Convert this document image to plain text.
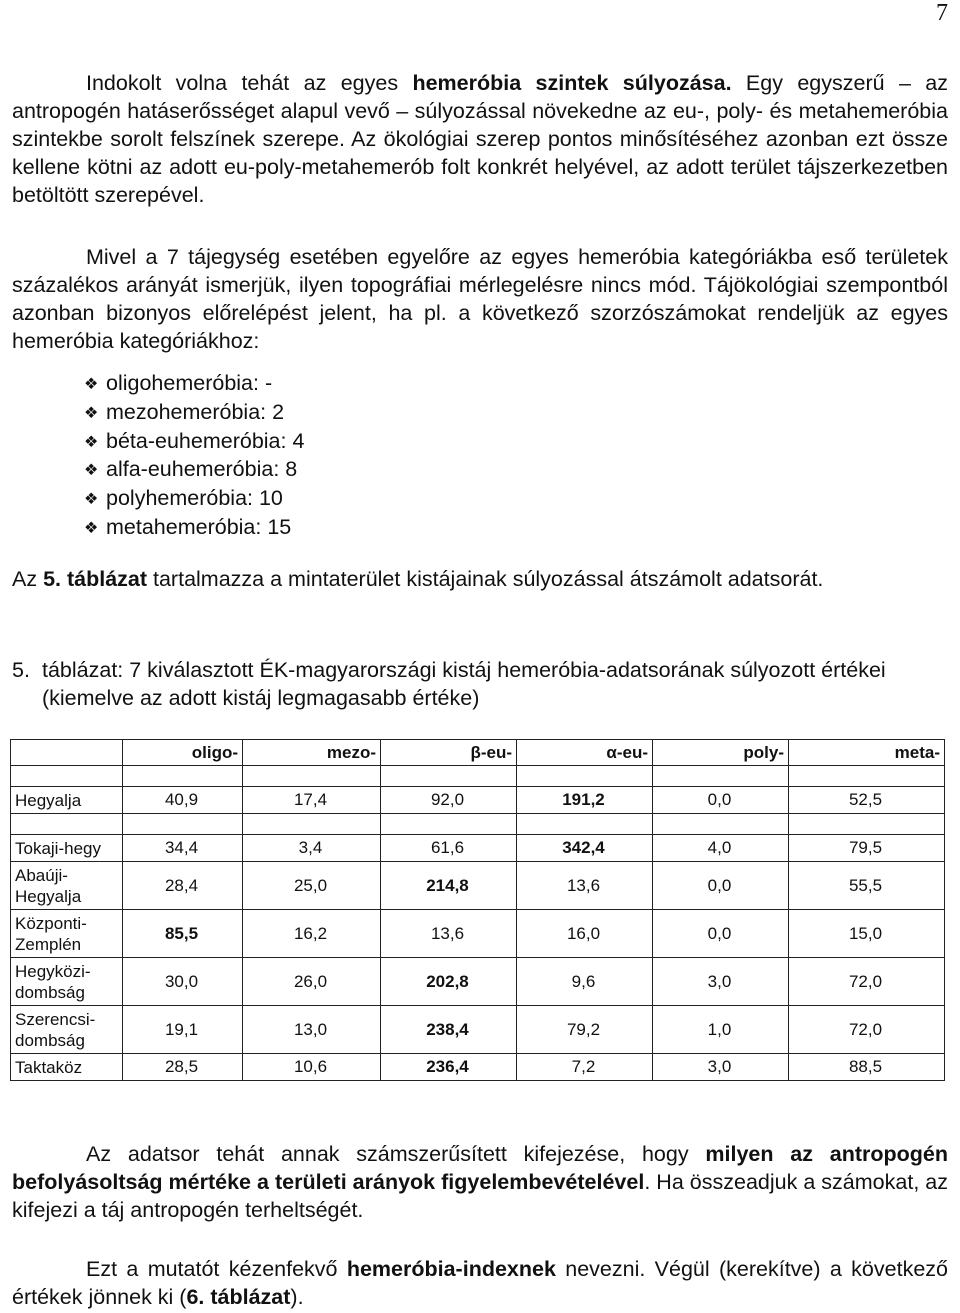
7

Indokolt volna tehát az egyes hemeróbia szintek súlyozása. Egy egyszerű – az antropogén hatáserősséget alapul vevő – súlyozással növekedne az eu-, poly- és metahemeróbia szintekbe sorolt felszínek szerepe. Az ökológiai szerep pontos minősítéséhez azonban ezt össze kellene kötni az adott eu-poly-metahemerób folt konkrét helyével, az adott terület tájszerkezetben betöltött szerepével.

Mivel a 7 tájegység esetében egyelőre az egyes hemeróbia kategóriákba eső területek százalékos arányát ismerjük, ilyen topográfiai mérlegelésre nincs mód. Tájökológiai szempontból azonban bizonyos előrelépést jelent, ha pl. a következő szorzószámokat rendeljük az egyes hemeróbia kategóriákhoz:

❖ oligohemeróbia: -
❖ mezohemeróbia: 2
❖ béta-euhemeróbia: 4
❖ alfa-euhemeróbia: 8
❖ polyhemeróbia: 10
❖ metahemeróbia: 15

Az 5. táblázat tartalmazza a mintaterület kistájainak súlyozással átszámolt adatsorát.

5. táblázat: 7 kiválasztott ÉK-magyarországi kistáj hemeróbia-adatsorának súlyozott értékei (kiemelve az adott kistáj legmagasabb értéke)
	oligo-	mezo-	β-eu-	α-eu-	poly-	meta-

Hegyalja	40,9	17,4	92,0	191,2	0,0	52,5

Tokaji-hegy	34,4	3,4	61,6	342,4	4,0	79,5

Abaúji-
Hegyalja	28,4	25,0	214,8	13,6	0,0	55,5

Központi-
Zemplén	85,5	16,2	13,6	16,0	0,0	15,0

Hegyközi-
dombság	30,0	26,0	202,8	9,6	3,0	72,0

Szerencsi-
dombság	19,1	13,0	238,4	79,2	1,0	72,0
Taktaköz	28,5	10,6	236,4	7,2	3,0	88,5

Az adatsor tehát annak számszerűsített kifejezése, hogy milyen az antropogén befolyásoltság mértéke a területi arányok figyelembevételével. Ha összeadjuk a számokat, az kifejezi a táj antropogén terheltségét.

Ezt a mutatót kézenfekvő hemeróbia-indexnek nevezni. Végül (kerekítve) a következő értékek jönnek ki (6. táblázat).
